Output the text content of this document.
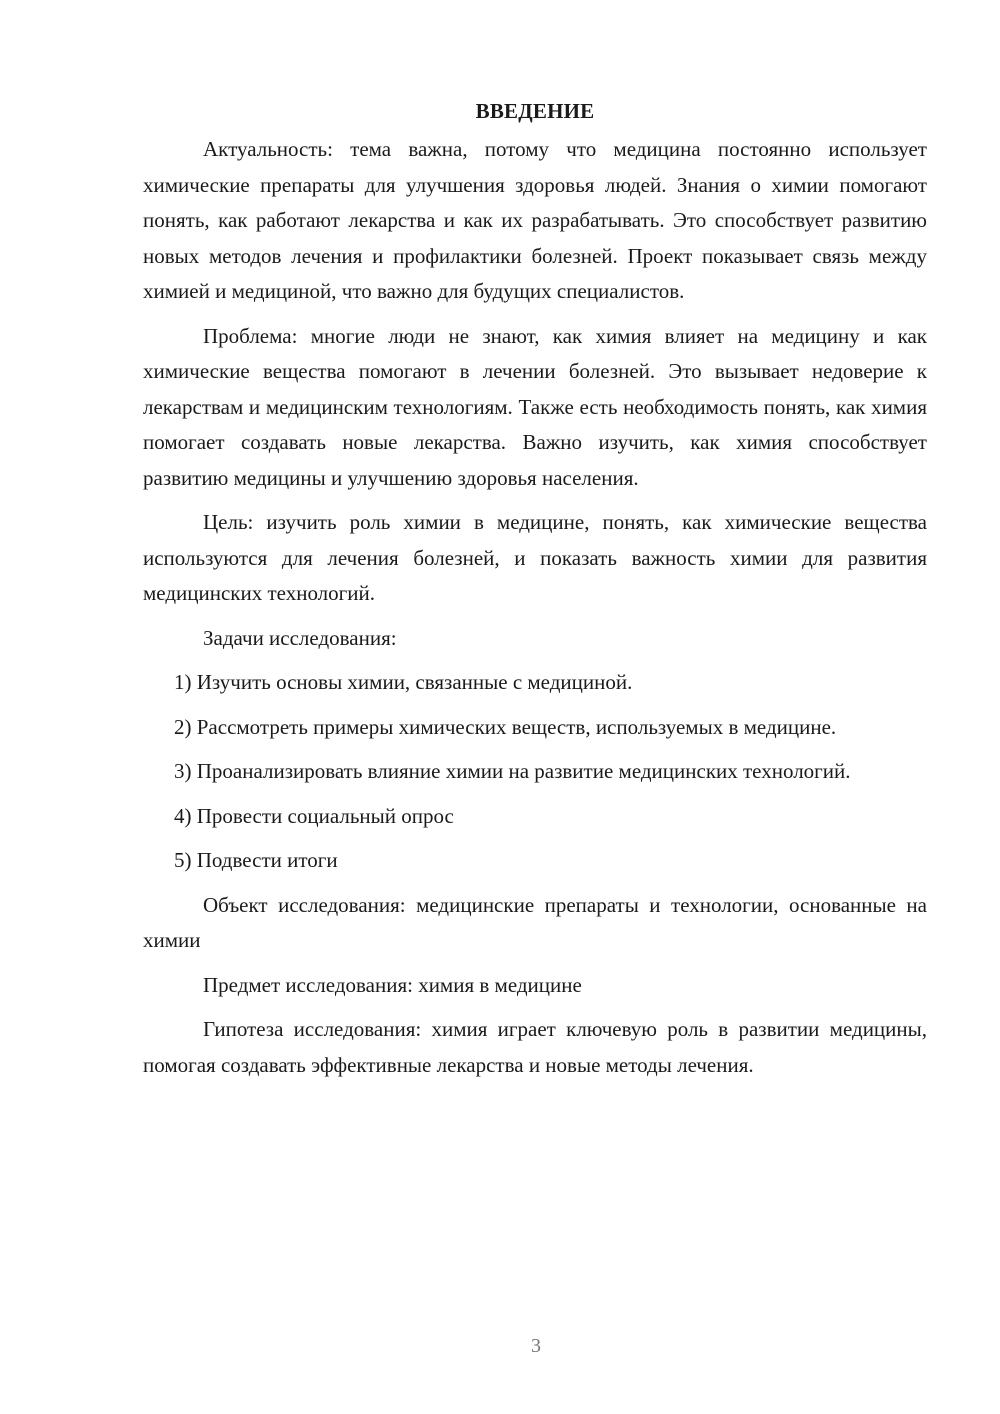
ВВЕДЕНИЕ

Актуальность: тема важна, потому что медицина постоянно использует химические препараты для улучшения здоровья людей. Знания о химии помогают понять, как работают лекарства и как их разрабатывать. Это способствует развитию новых методов лечения и профилактики болезней. Проект показывает связь между химией и медициной, что важно для будущих специалистов.

Проблема: многие люди не знают, как химия влияет на медицину и как химические вещества помогают в лечении болезней. Это вызывает недоверие к лекарствам и медицинским технологиям. Также есть необходимость понять, как химия помогает создавать новые лекарства. Важно изучить, как химия способствует развитию медицины и улучшению здоровья населения.

Цель: изучить роль химии в медицине, понять, как химические вещества используются для лечения болезней, и показать важность химии для развития медицинских технологий.

Задачи исследования:

1) Изучить основы химии, связанные с медициной.

2) Рассмотреть примеры химических веществ, используемых в медицине.

3) Проанализировать влияние химии на развитие медицинских технологий.

4) Провести социальный опрос

5) Подвести итоги

Объект исследования: медицинские препараты и технологии, основанные на химии

Предмет исследования: химия в медицине

Гипотеза исследования: химия играет ключевую роль в развитии медицины, помогая создавать эффективные лекарства и новые методы лечения.

3
